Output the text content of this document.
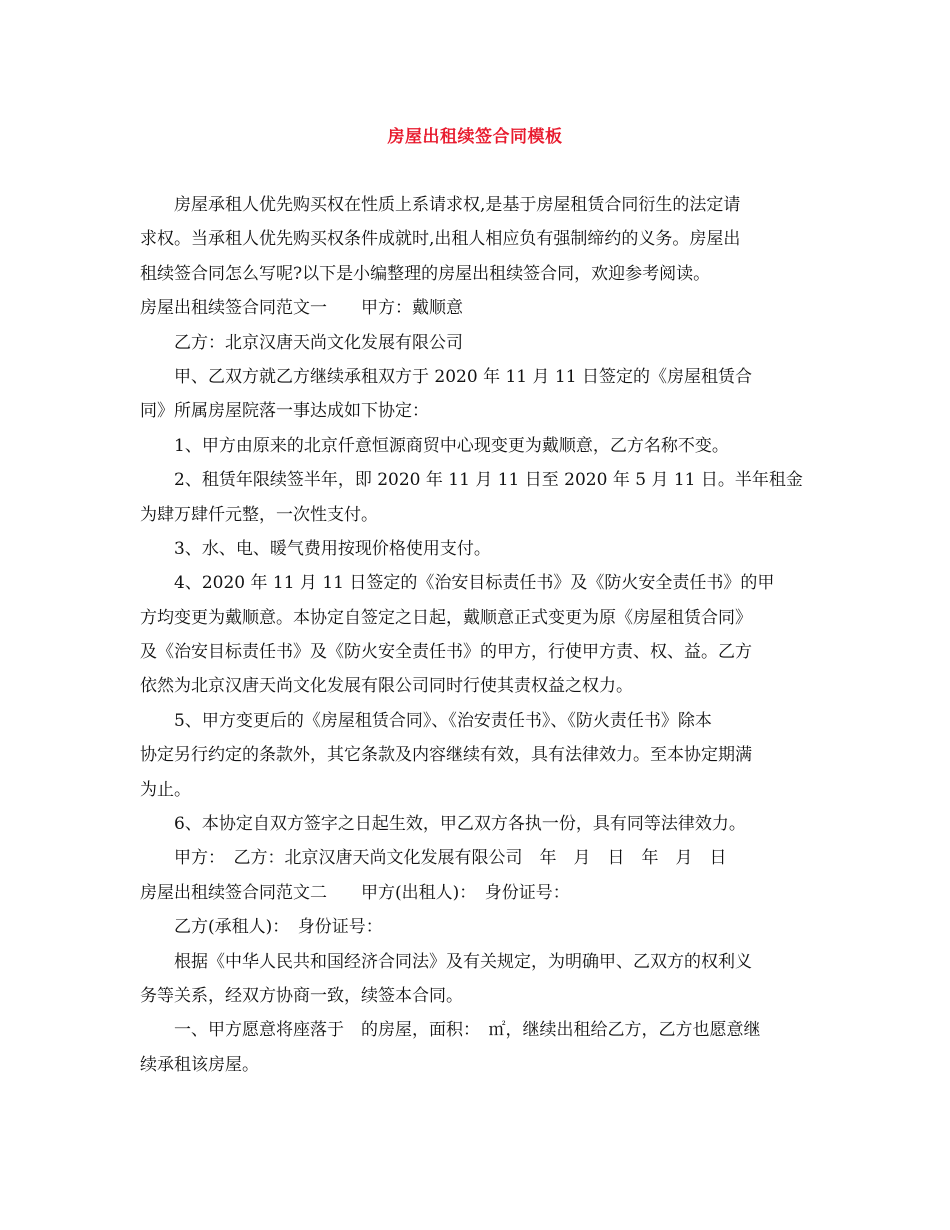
房屋出租续签合同模板
　　房屋承租人优先购买权在性质上系请求权,是基于房屋租赁合同衍生的法定请
求权。当承租人优先购买权条件成就时,出租人相应负有强制缔约的义务。房屋出
租续签合同怎么写呢?以下是小编整理的房屋出租续签合同，欢迎参考阅读。
房屋出租续签合同范文一　　甲方：戴顺意
　　乙方：北京汉唐天尚文化发展有限公司
　　甲、乙双方就乙方继续承租双方于 2020 年 11 月 11 日签定的《房屋租赁合
同》所属房屋院落一事达成如下协定：
　　1、甲方由原来的北京仟意恒源商贸中心现变更为戴顺意，乙方名称不变。
　　2、租赁年限续签半年，即 2020 年 11 月 11 日至 2020 年 5 月 11 日。半年租金
为肆万肆仟元整，一次性支付。
　　3、水、电、暖气费用按现价格使用支付。
　　4、2020 年 11 月 11 日签定的《治安目标责任书》及《防火安全责任书》的甲
方均变更为戴顺意。本协定自签定之日起，戴顺意正式变更为原《房屋租赁合同》
及《治安目标责任书》及《防火安全责任书》的甲方，行使甲方责、权、益。乙方
依然为北京汉唐天尚文化发展有限公司同时行使其责权益之权力。
　　5、甲方变更后的《房屋租赁合同》、《治安责任书》、《防火责任书》除本
协定另行约定的条款外，其它条款及内容继续有效，具有法律效力。至本协定期满
为止。
　　6、本协定自双方签字之日起生效，甲乙双方各执一份，具有同等法律效力。
　　甲方：　乙方：北京汉唐天尚文化发展有限公司　年　月　日　年　月　日
房屋出租续签合同范文二　　甲方(出租人)：　身份证号：
　　乙方(承租人)：　身份证号：
　　根据《中华人民共和国经济合同法》及有关规定，为明确甲、乙双方的权利义
务等关系，经双方协商一致，续签本合同。
　　一、甲方愿意将座落于　的房屋，面积：　㎡，继续出租给乙方，乙方也愿意继
续承租该房屋。
